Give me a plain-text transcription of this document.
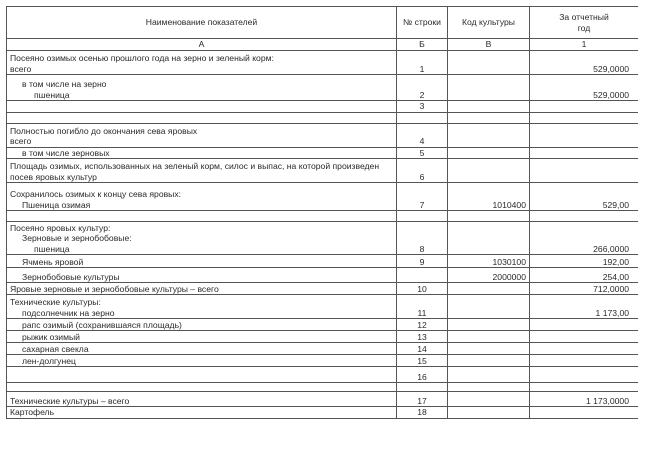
Наименование показателей	№ строки	Код культуры	За отчетный
год

А	Б	В	1

Посеяно озимых осенью прошлого года на зерно и зеленый корм:
всего	1		529,0000

в том числе на зерно
пшеница	2		529,0000
	3		

Полностью погибло до окончания сева яровых
всего	4		

в том числе зерновых	5		

Площадь озимых, использованных на зеленый корм, силос и выпас, на которой произведен
посев яровых культур	6		

Сохранилось озимых к концу сева яровых:
Пшеница озимая	7	1010400	529,00

Посеяно яровых культур:
Зерновые и зернобобовые:
пшеница	8		266,0000

Ячмень яровой	9	1030100	192,00

Зернобобовые культуры		2000000	254,00

Яровые зерновые и зернобобовые культуры – всего	10		712,0000

Технические культуры:
подсолнечник на зерно	11		1 173,00

рапс озимый (сохранившаяся площадь)	12		

рыжик озимый	13		

сахарная свекла	14		

лен-долгунец	15		
	16		

Технические культуры – всего	17		1 173,0000

Картофель	18		
